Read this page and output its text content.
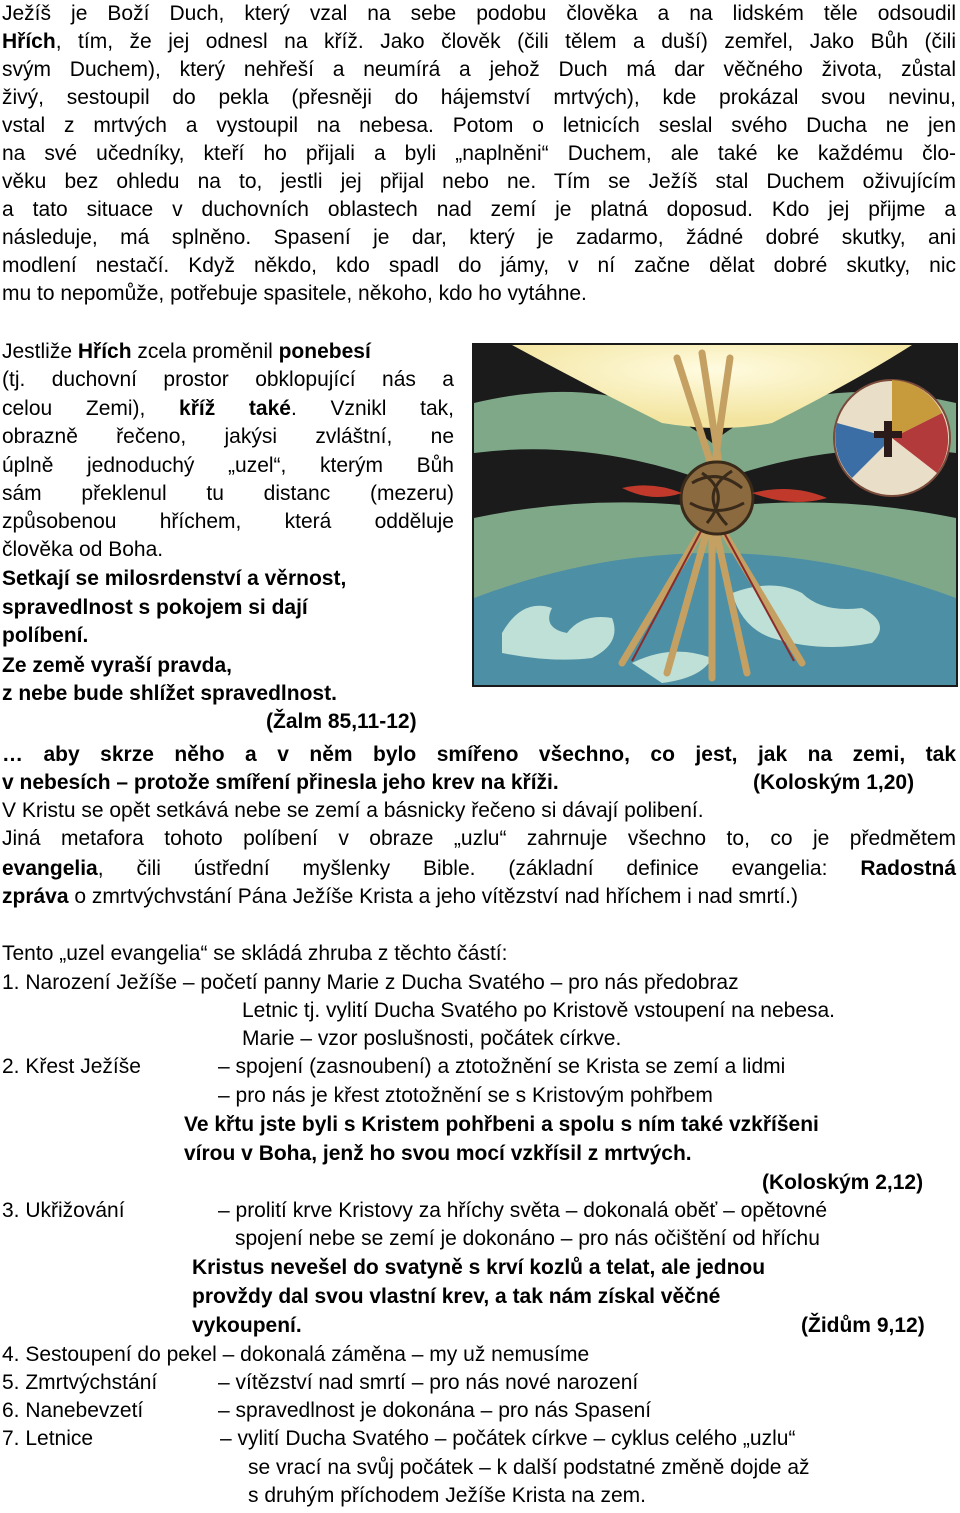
Ježíš je Boží Duch, který vzal na sebe podobu člověka a na lidském těle odsoudil
Hřích, tím, že jej odnesl na kříž. Jako člověk (čili tělem a duší) zemřel, Jako Bůh (čili
svým Duchem), který nehřeší a neumírá a jehož Duch má dar věčného života, zůstal
živý, sestoupil do pekla (přesněji do hájemství mrtvých), kde prokázal svou nevinu,
vstal z mrtvých a vystoupil na nebesa. Potom o letnicích seslal svého Ducha ne jen
na své učedníky, kteří ho přijali a byli „naplněni“ Duchem, ale také ke každému člo-
věku bez ohledu na to, jestli jej přijal nebo ne. Tím se Ježíš stal Duchem oživujícím
a tato situace v duchovních oblastech nad zemí je platná doposud. Kdo jej přijme a
následuje, má splněno. Spasení je dar, který je zadarmo, žádné dobré skutky, ani
modlení nestačí. Když někdo, kdo spadl do jámy, v ní začne dělat dobré skutky, nic
mu to nepomůže, potřebuje spasitele, někoho, kdo ho vytáhne.
Jestliže Hřích zcela proměnil ponebesí
(tj. duchovní prostor obklopující nás a
celou Zemi), kříž také. Vznikl tak,
obrazně řečeno, jakýsi zvláštní, ne
úplně jednoduchý „uzel“, kterým Bůh
sám překlenul tu distanc (mezeru)
způsobenou hříchem, která odděluje
člověka od Boha.
Setkají se milosrdenství a věrnost,
spravedlnost s pokojem si dají
políbení.
Ze země vyraší pravda,
z nebe bude shlížet spravedlnost.
(Žalm 85,11-12)
… aby skrze něho a v něm bylo smířeno všechno, co jest, jak na zemi, tak
v nebesích – protože smíření přinesla jeho krev na kříži.	(Koloským 1,20)
V Kristu se opět setkává nebe se zemí a básnicky řečeno si dávají polibení.
Jiná metafora tohoto políbení v obraze „uzlu“ zahrnuje všechno to, co je předmětem
evangelia, čili ústřední myšlenky Bible. (základní definice evangelia: Radostná
zpráva o zmrtvýchvstání Pána Ježíše Krista a jeho vítězství nad hříchem i nad smrtí.)
Tento „uzel evangelia“ se skládá zhruba z těchto částí:
1. Narození Ježíše – početí panny Marie z Ducha Svatého – pro nás předobraz
Letnic tj. vylití Ducha Svatého po Kristově vstoupení na nebesa.
Marie – vzor poslušnosti, počátek církve.
2. Křest Ježíše	– spojení (zasnoubení) a ztotožnění se Krista se zemí a lidmi
– pro nás je křest ztotožnění se s Kristovým pohřbem
Ve křtu jste byli s Kristem pohřbeni a spolu s ním také vzkříšeni
vírou v Boha, jenž ho svou mocí vzkřísil z mrtvých.
(Koloským 2,12)
3. Ukřižování	– prolití krve Kristovy za hříchy světa – dokonalá oběť – opětovné
spojení nebe se zemí je dokonáno – pro nás očištění od hříchu
Kristus nevešel do svatyně s krví kozlů a telat, ale jednou
provždy dal svou vlastní krev, a tak nám získal věčné
vykoupení.	(Židům 9,12)
4. Sestoupení do pekel – dokonalá záměna – my už nemusíme
5. Zmrtvýchstání	– vítězství nad smrtí – pro nás nové narození
6. Nanebevzetí	– spravedlnost je dokonána – pro nás Spasení
7. Letnice	– vylití Ducha Svatého – počátek církve – cyklus celého „uzlu“
se vrací na svůj počátek – k další podstatné změně dojde až
s druhým příchodem Ježíše Krista na zem.
